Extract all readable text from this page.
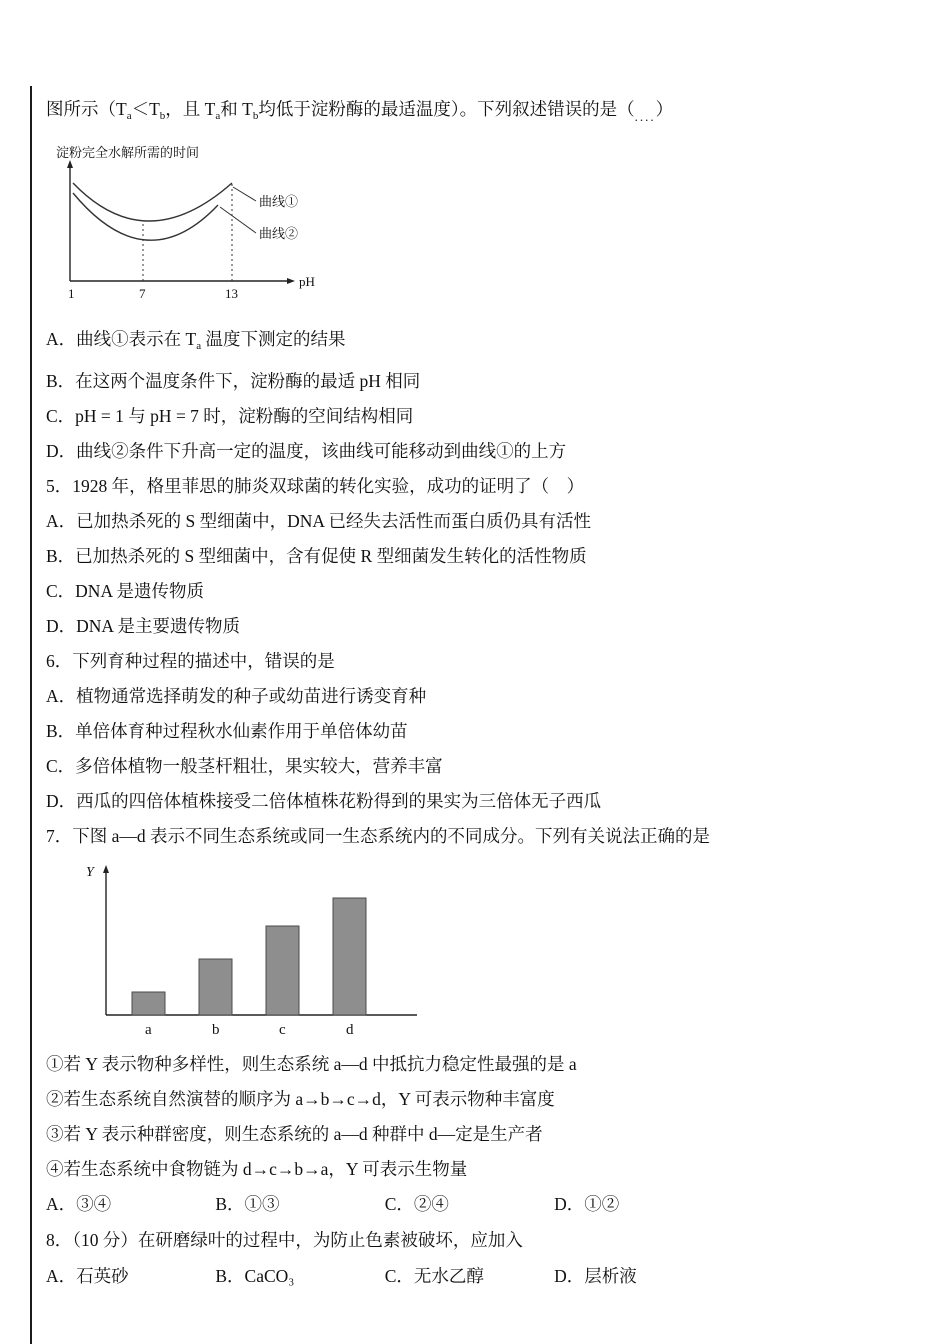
图所示（$T_a<T_b$，且 $T_a$和 $T_b$均低于淀粉酶的最适温度）。下列叙述错误的是（....）
淀粉完全水解所需的时间
pH
曲线①
曲线②
1	7	13
A．曲线①表示在 $T_a$ 温度下测定的结果
B．在这两个温度条件下，淀粉酶的最适 pH 相同
C．pH = 1 与 pH = 7 时，淀粉酶的空间结构相同
D．曲线②条件下升高一定的温度，该曲线可能移动到曲线①的上方
5．1928 年，格里菲思的肺炎双球菌的转化实验，成功的证明了（　）
A．已加热杀死的 S 型细菌中，DNA 已经失去活性而蛋白质仍具有活性
B．已加热杀死的 S 型细菌中，含有促使 R 型细菌发生转化的活性物质
C．DNA 是遗传物质
D．DNA 是主要遗传物质
6．下列育种过程的描述中，错误的是
A．植物通常选择萌发的种子或幼苗进行诱变育种
B．单倍体育种过程秋水仙素作用于单倍体幼苗
C．多倍体植物一般茎杆粗壮，果实较大，营养丰富
D．西瓜的四倍体植株接受二倍体植株花粉得到的果实为三倍体无子西瓜
7．下图 a—d 表示不同生态系统或同一生态系统内的不同成分。下列有关说法正确的是
Y
a	b	c	d
①若 Y 表示物种多样性，则生态系统 a—d 中抵抗力稳定性最强的是 a
②若生态系统自然演替的顺序为 a→b→c→d，Y 可表示物种丰富度
③若 Y 表示种群密度，则生态系统的 a—d 种群中 d—定是生产者
④若生态系统中食物链为 d→c→b→a，Y 可表示生物量
A．③④	B．①③	C．②④	D．①②
8．（10 分）在研磨绿叶的过程中，为防止色素被破坏，应加入
A．石英砂	B．CaCO₃	C．无水乙醇	D．层析液
